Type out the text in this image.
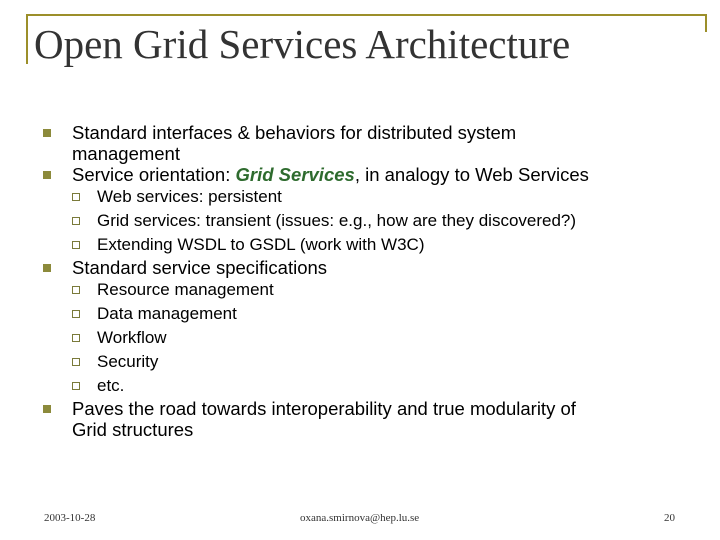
Open Grid Services Architecture
Standard interfaces & behaviors for distributed system
management
Service orientation: Grid Services, in analogy to Web Services
Web services: persistent
Grid services: transient (issues: e.g., how are they discovered?)
Extending WSDL to GSDL (work with W3C)
Standard service specifications
Resource management
Data management
Workflow
Security
etc.
Paves the road towards interoperability and true modularity of
Grid structures
2003-10-28	oxana.smirnova@hep.lu.se	20
